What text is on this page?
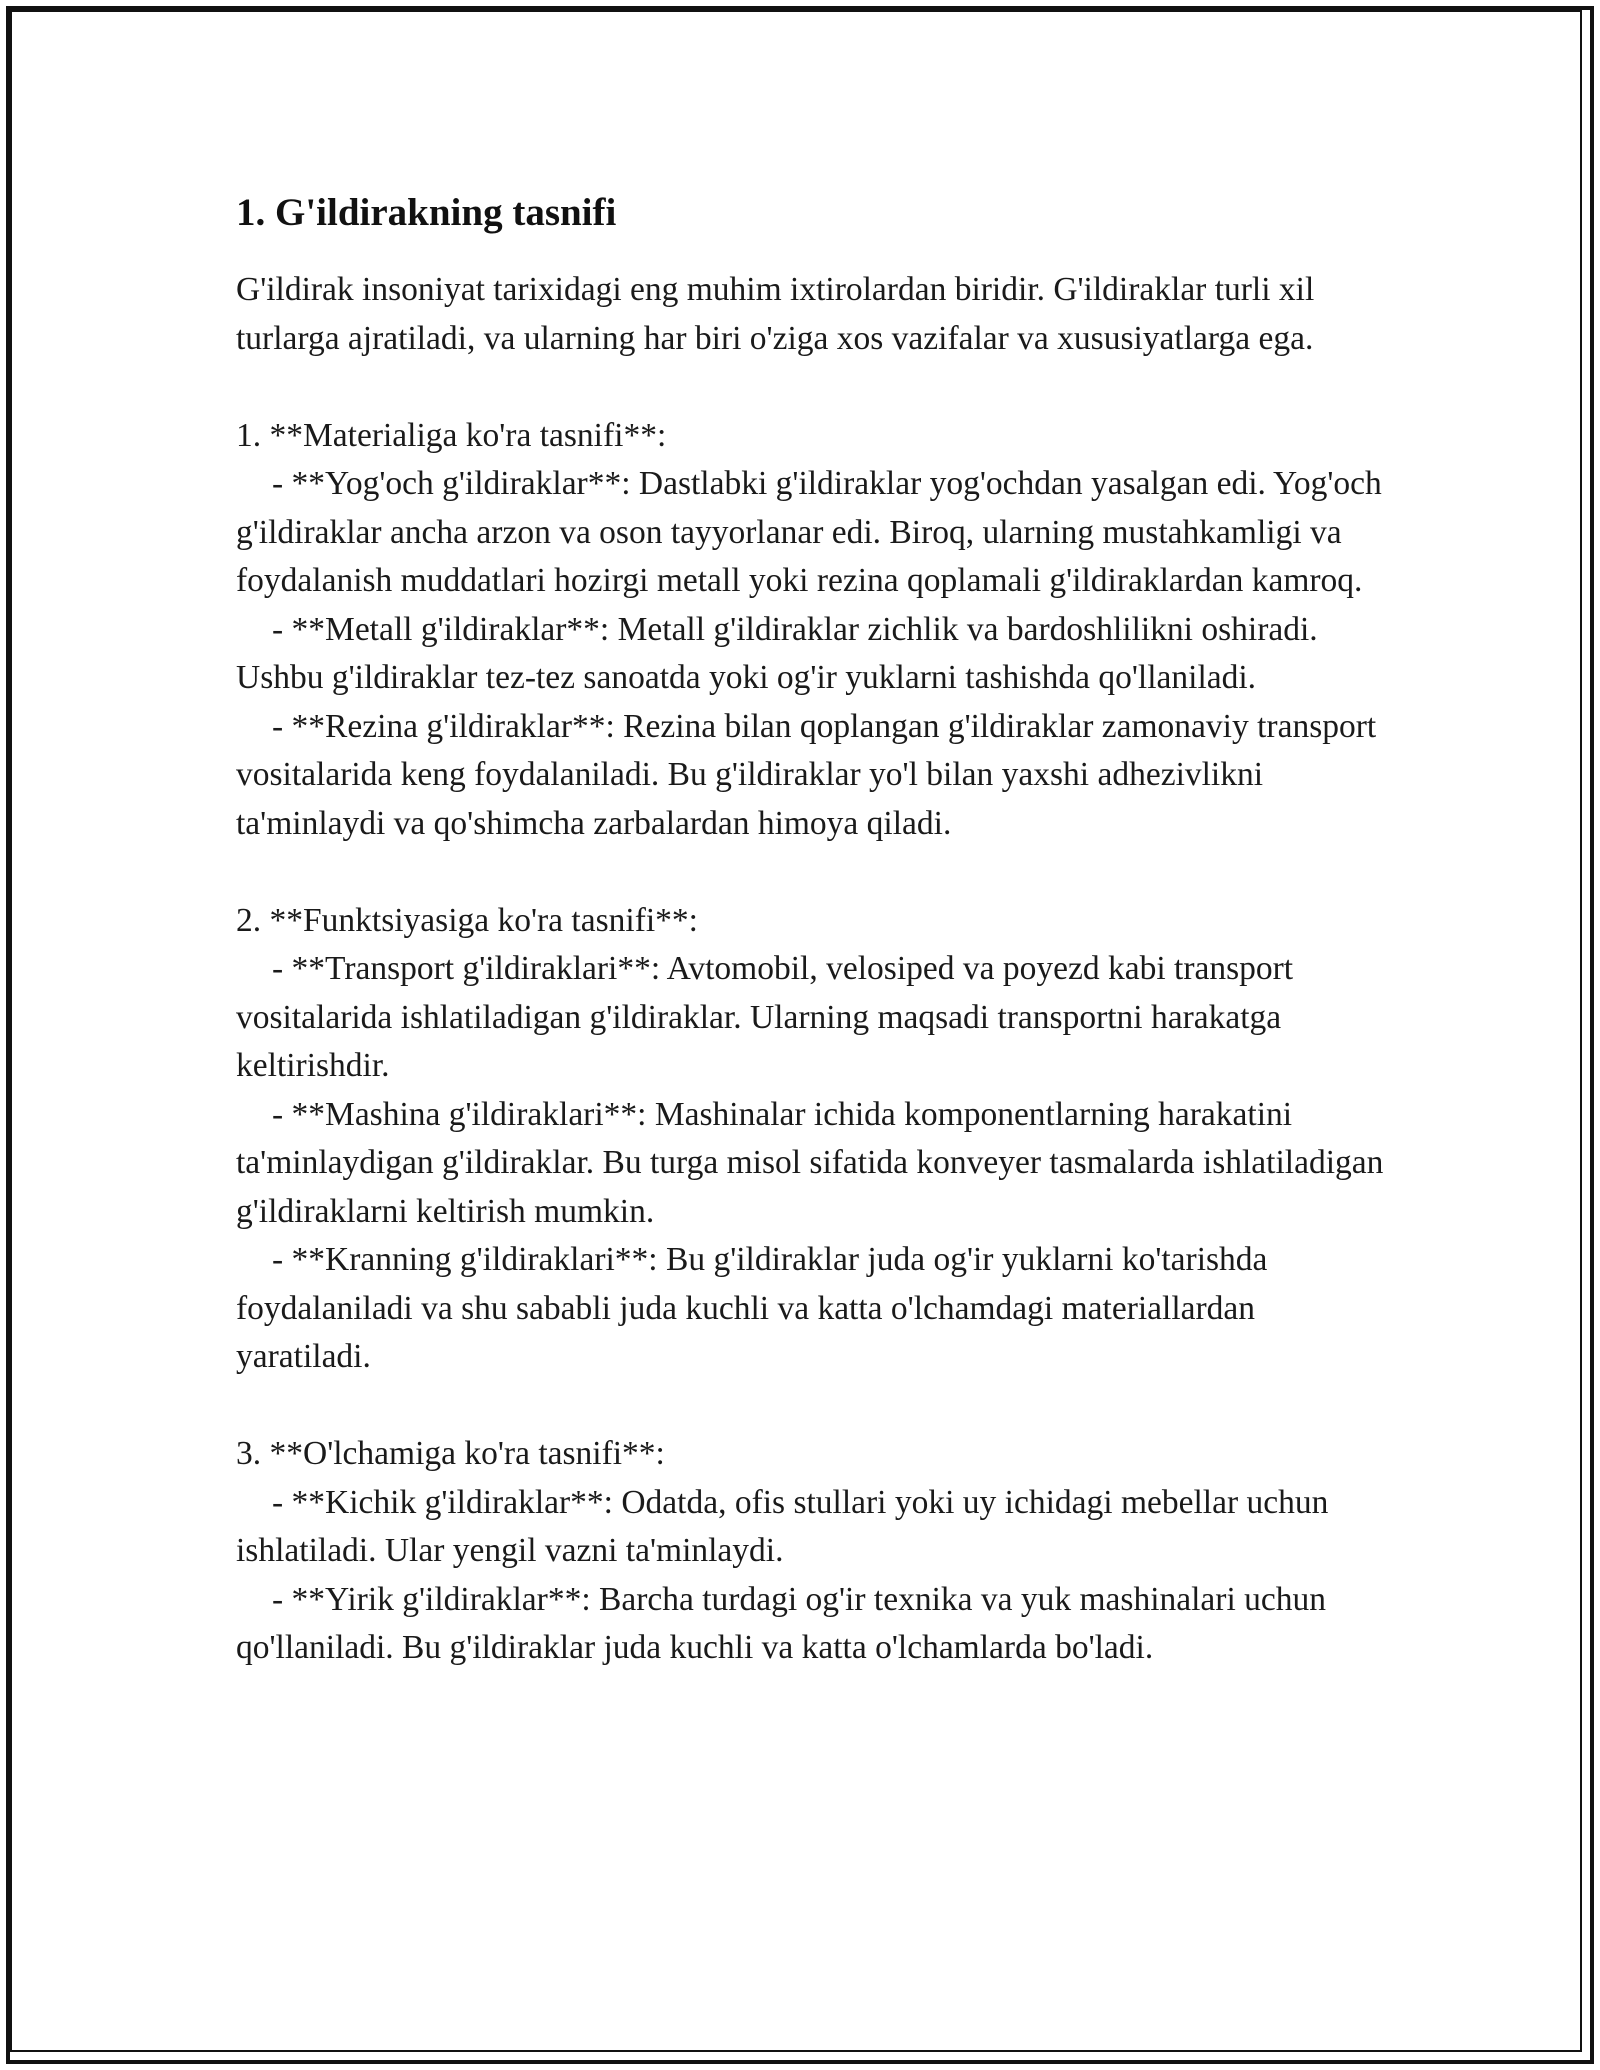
1. G'ildirakning tasnifi

G'ildirak insoniyat tarixidagi eng muhim ixtirolardan biridir. G'ildiraklar turli xil turlarga ajratiladi, va ularning har biri o'ziga xos vazifalar va xususiyatlarga ega.

1. **Materialiga ko'ra tasnifi**:

- **Yog'och g'ildiraklar**: Dastlabki g'ildiraklar yog'ochdan yasalgan edi. Yog'och g'ildiraklar ancha arzon va oson tayyorlanar edi. Biroq, ularning mustahkamligi va foydalanish muddatlari hozirgi metall yoki rezina qoplamali g'ildiraklardan kamroq.

- **Metall g'ildiraklar**: Metall g'ildiraklar zichlik va bardoshlilikni oshiradi. Ushbu g'ildiraklar tez-tez sanoatda yoki og'ir yuklarni tashishda qo'llaniladi.

- **Rezina g'ildiraklar**: Rezina bilan qoplangan g'ildiraklar zamonaviy transport vositalarida keng foydalaniladi. Bu g'ildiraklar yo'l bilan yaxshi adhezivlikni ta'minlaydi va qo'shimcha zarbalardan himoya qiladi.

2. **Funktsiyasiga ko'ra tasnifi**:

- **Transport g'ildiraklari**: Avtomobil, velosiped va poyezd kabi transport vositalarida ishlatiladigan g'ildiraklar. Ularning maqsadi transportni harakatga keltirishdir.

- **Mashina g'ildiraklari**: Mashinalar ichida komponentlarning harakatini ta'minlaydigan g'ildiraklar. Bu turga misol sifatida konveyer tasmalarda ishlatiladigan g'ildiraklarni keltirish mumkin.

- **Kranning g'ildiraklari**: Bu g'ildiraklar juda og'ir yuklarni ko'tarishda foydalaniladi va shu sababli juda kuchli va katta o'lchamdagi materiallardan yaratiladi.

3. **O'lchamiga ko'ra tasnifi**:

- **Kichik g'ildiraklar**: Odatda, ofis stullari yoki uy ichidagi mebellar uchun ishlatiladi. Ular yengil vazni ta'minlaydi.

- **Yirik g'ildiraklar**: Barcha turdagi og'ir texnika va yuk mashinalari uchun qo'llaniladi. Bu g'ildiraklar juda kuchli va katta o'lchamlarda bo'ladi.
